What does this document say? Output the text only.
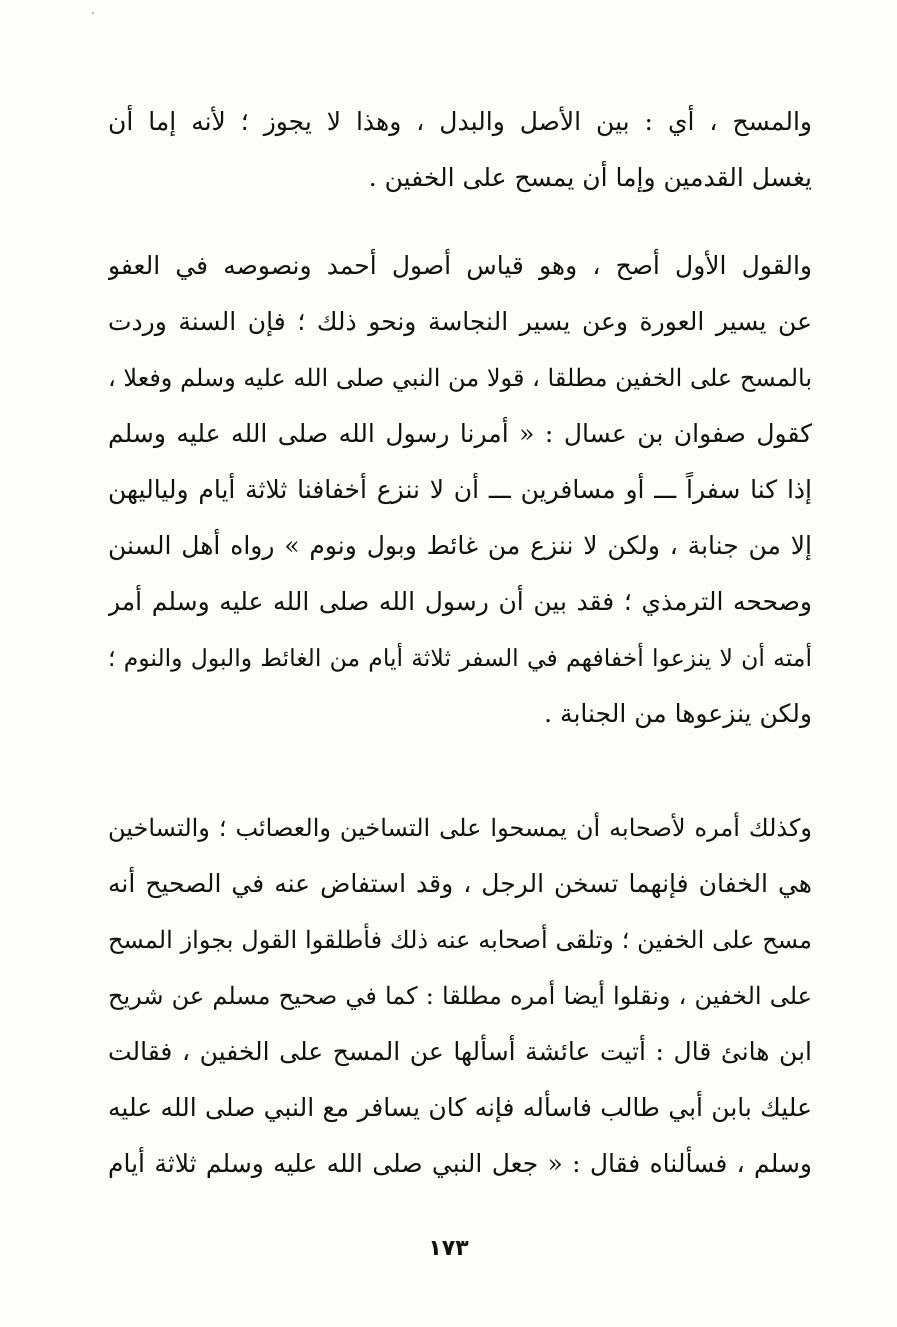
والمسح ، أي : بين الأصل والبدل ، وهذا لا يجوز ؛ لأنه إما أن
يغسل القدمين وإما أن يمسح على الخفين .
والقول الأول أصح ، وهو قياس أصول أحمد ونصوصه في العفو
عن يسير العورة وعن يسير النجاسة ونحو ذلك ؛ فإن السنة وردت
بالمسح على الخفين مطلقا ، قولا من النبي صلى الله عليه وسلم وفعلا ،
كقول صفوان بن عسال : « أمرنا رسول الله صلى الله عليه وسلم
إذا كنا سفراً ـــ أو مسافرين ـــ أن لا ننزع أخفافنا ثلاثة أيام ولياليهن
إلا من جنابة ، ولكن لا ننزع من غائط وبول ونوم » رواه أهل السنن
وصححه الترمذي ؛ فقد بين أن رسول الله صلى الله عليه وسلم أمر
أمته أن لا ينزعوا أخفافهم في السفر ثلاثة أيام من الغائط والبول والنوم ؛
ولكن ينزعوها من الجنابة .
وكذلك أمره لأصحابه أن يمسحوا على التساخين والعصائب ؛ والتساخين
هي الخفان فإنهما تسخن الرجل ، وقد استفاض عنه في الصحيح أنه
مسح على الخفين ؛ وتلقى أصحابه عنه ذلك فأطلقوا القول بجواز المسح
على الخفين ، ونقلوا أيضا أمره مطلقا : كما في صحيح مسلم عن شريح
ابن هانئ قال : أتيت عائشة أسألها عن المسح على الخفين ، فقالت
عليك بابن أبي طالب فاسأله فإنه كان يسافر مع النبي صلى الله عليه
وسلم ، فسألناه فقال : « جعل النبي صلى الله عليه وسلم ثلاثة أيام
١٧٣
